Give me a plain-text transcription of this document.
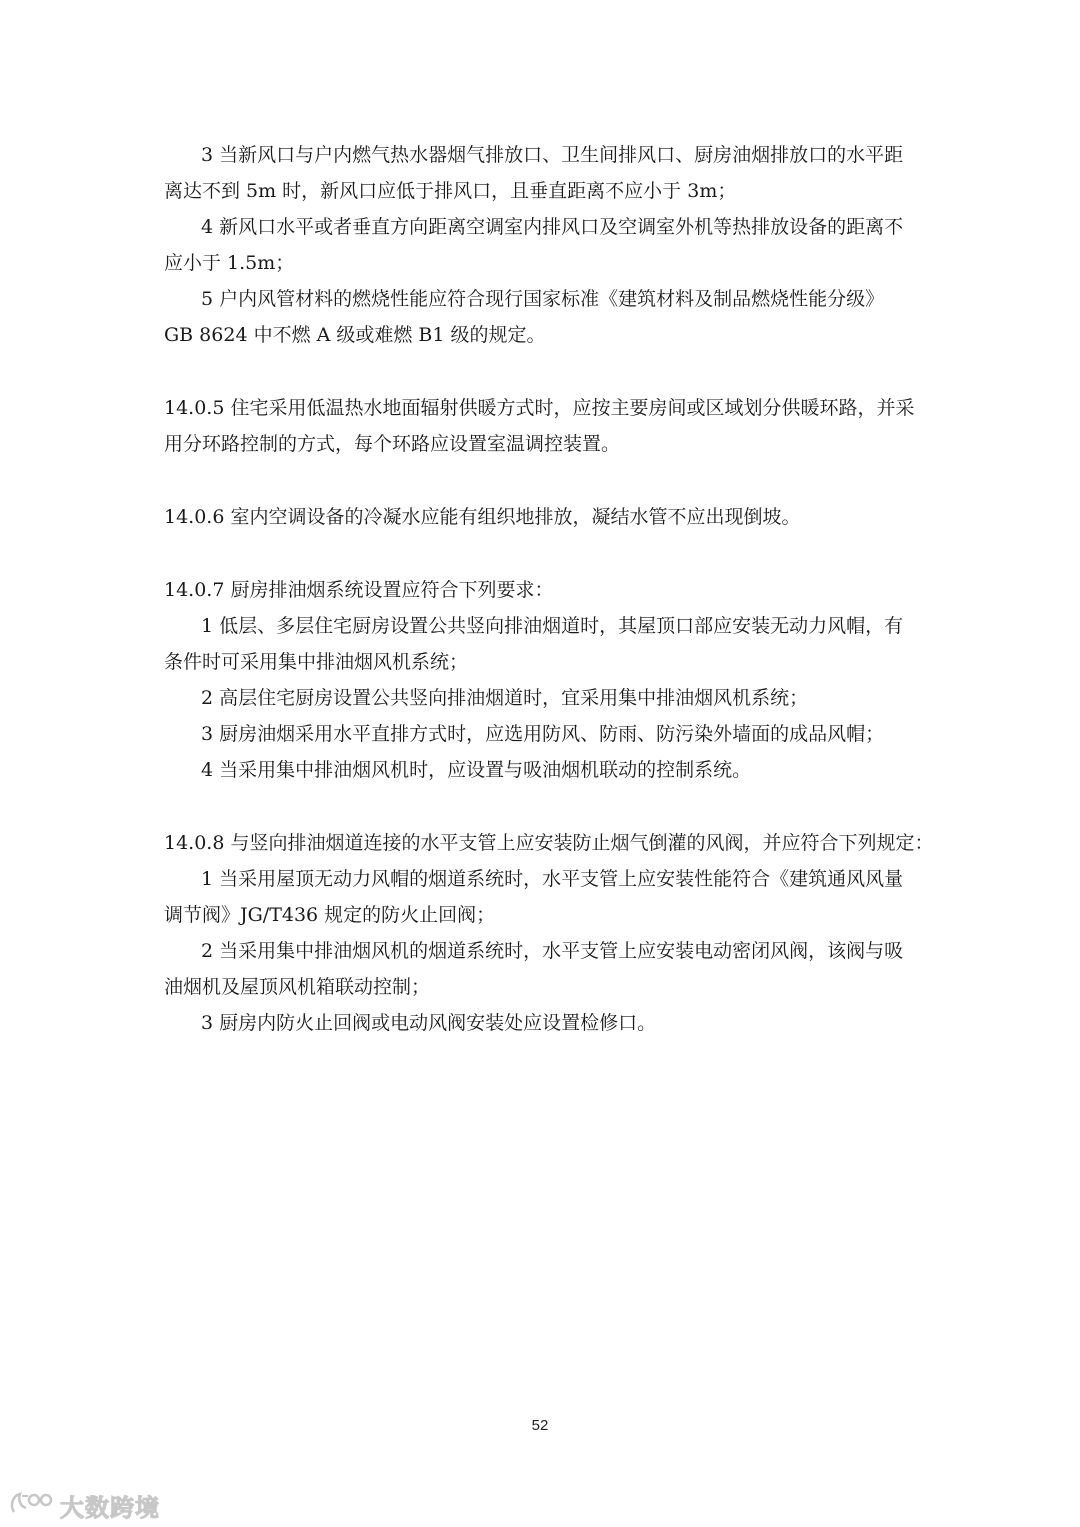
3 当新风口与户内燃气热水器烟气排放口、卫生间排风口、厨房油烟排放口的水平距
离达不到 5m 时，新风口应低于排风口，且垂直距离不应小于 3m；
4 新风口水平或者垂直方向距离空调室内排风口及空调室外机等热排放设备的距离不
应小于 1.5m；
5 户内风管材料的燃烧性能应符合现行国家标准《建筑材料及制品燃烧性能分级》
GB 8624 中不燃 A 级或难燃 B1 级的规定。
14.0.5 住宅采用低温热水地面辐射供暖方式时，应按主要房间或区域划分供暖环路，并采
用分环路控制的方式，每个环路应设置室温调控装置。
14.0.6 室内空调设备的冷凝水应能有组织地排放，凝结水管不应出现倒坡。
14.0.7 厨房排油烟系统设置应符合下列要求：
1 低层、多层住宅厨房设置公共竖向排油烟道时，其屋顶口部应安装无动力风帽，有
条件时可采用集中排油烟风机系统；
2 高层住宅厨房设置公共竖向排油烟道时，宜采用集中排油烟风机系统；
3 厨房油烟采用水平直排方式时，应选用防风、防雨、防污染外墙面的成品风帽；
4 当采用集中排油烟风机时，应设置与吸油烟机联动的控制系统。
14.0.8 与竖向排油烟道连接的水平支管上应安装防止烟气倒灌的风阀，并应符合下列规定：
1 当采用屋顶无动力风帽的烟道系统时，水平支管上应安装性能符合《建筑通风风量
调节阀》JG/T436 规定的防火止回阀；
2 当采用集中排油烟风机的烟道系统时，水平支管上应安装电动密闭风阀，该阀与吸
油烟机及屋顶风机箱联动控制；
3 厨房内防火止回阀或电动风阀安装处应设置检修口。
52
大数跨境
